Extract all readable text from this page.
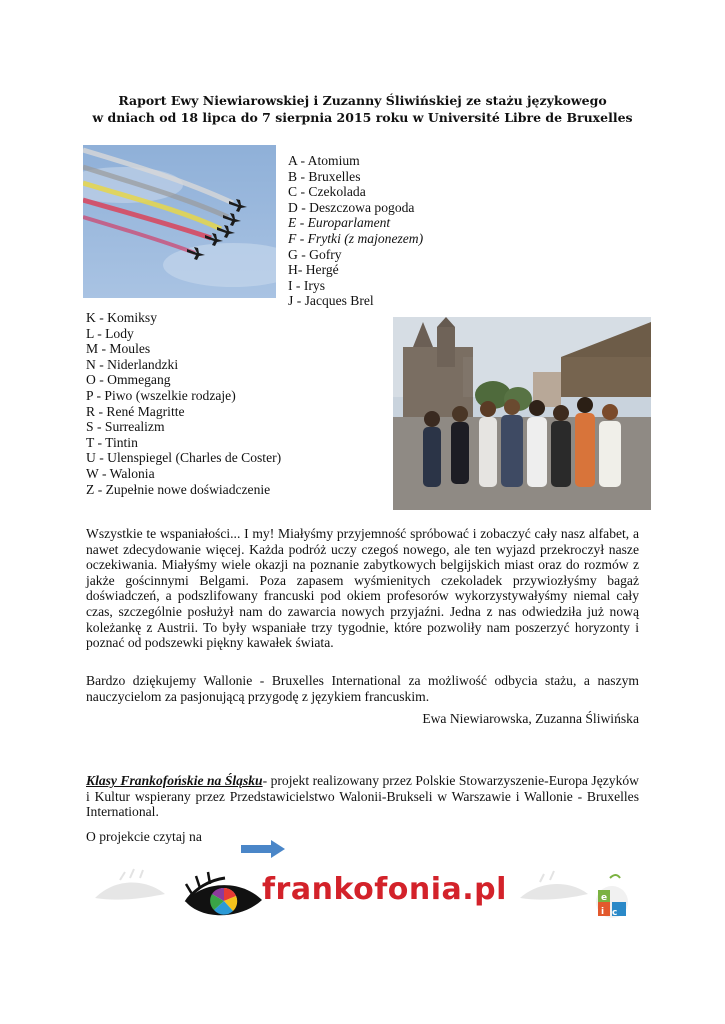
Raport Ewy Niewiarowskiej i Zuzanny Śliwińskiej ze stażu językowego
w dniach od 18 lipca do 7 sierpnia 2015 roku w Université Libre de Bruxelles
A - Atomium
B - Bruxelles
C - Czekolada
D - Deszczowa pogoda
E - Europarlament
F - Frytki (z majonezem)
G - Gofry
H- Hergé
I - Irys
J - Jacques Brel
K - Komiksy
L - Lody
M - Moules
N - Niderlandzki
O - Ommegang
P - Piwo (wszelkie rodzaje)
R - René Magritte
S - Surrealizm
T - Tintin
U - Ulenspiegel (Charles de Coster)
W - Walonia
Z - Zupełnie nowe doświadczenie

Wszystkie te wspaniałości... I my! Miałyśmy przyjemność spróbować i zobaczyć cały nasz alfabet, a nawet zdecydowanie więcej. Każda podróż uczy czegoś nowego, ale ten wyjazd przekroczył nasze oczekiwania. Miałyśmy wiele okazji na poznanie zabytkowych belgijskich miast oraz do rozmów z jakże gościnnymi Belgami. Poza zapasem wyśmienitych czekoladek przywiozłyśmy bagaż doświadczeń, a podszlifowany francuski pod okiem profesorów wykorzystywałyśmy niemal cały czas, szczególnie posłużył nam do zawarcia nowych przyjaźni. Jedna z nas odwiedziła już nową koleżankę z Austrii. To były wspaniałe trzy tygodnie, które pozwoliły nam poszerzyć horyzonty i poznać od podszewki piękny kawałek świata.

Bardzo dziękujemy Wallonie - Bruxelles International za możliwość odbycia stażu, a naszym nauczycielom za pasjonującą przygodę z językiem francuskim.

Ewa Niewiarowska, Zuzanna Śliwińska

Klasy Frankofońskie na Śląsku- projekt realizowany przez Polskie Stowarzyszenie-Europa Języków i Kultur wspierany przez Przedstawicielstwo Walonii-Brukseli w Warszawie i Wallonie - Bruxelles International.

O projekcie czytaj na

c
i
e
frankofonia.pl
